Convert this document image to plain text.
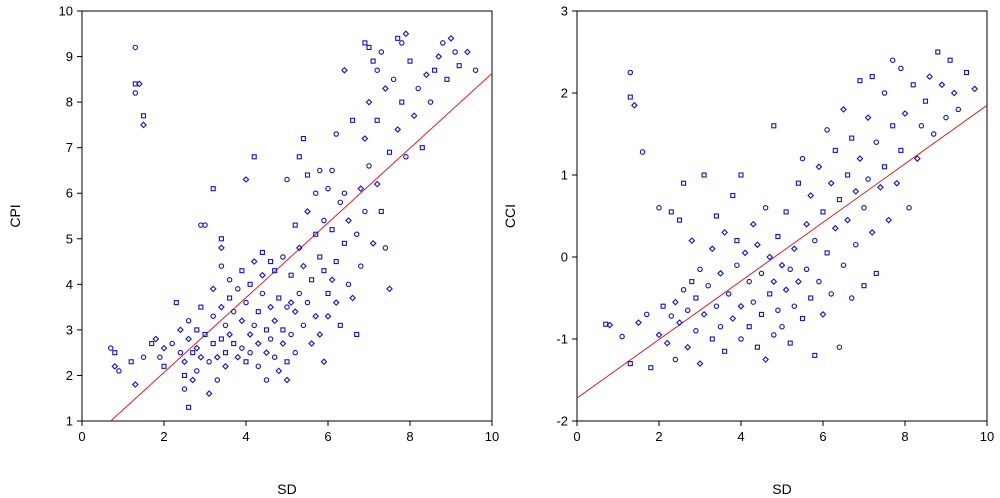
0	2	4	6	8	10
1
2
3
4
5
6
7
8
9
10
SD
CPI
0	2	4	6	8	10
-2
-1
0
1
2
3
SD
CCI
